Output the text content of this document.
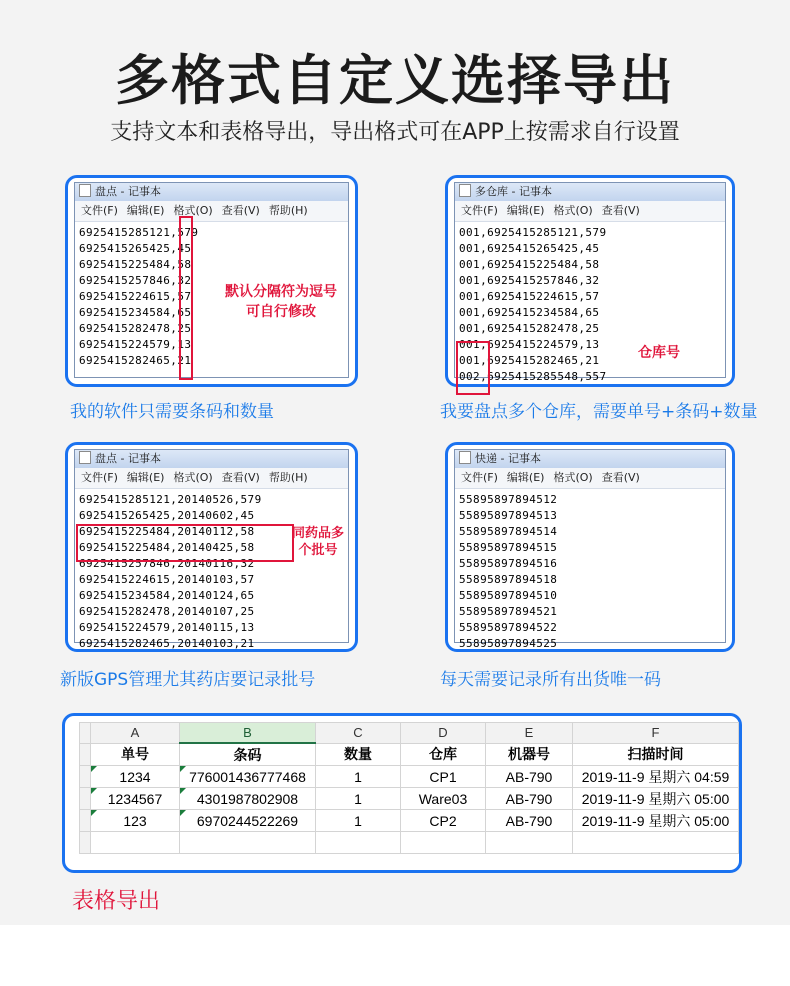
多格式自定义选择导出
支持文本和表格导出，导出格式可在APP上按需求自行设置
盘点 - 记事本
文件(F) 编辑(E) 格式(O) 查看(V) 帮助(H)
6925415285121,579
6925415265425,45
6925415225484,58
6925415257846,32
6925415224615,57
6925415234584,65
6925415282478,25
6925415224579,13
6925415282465,21
默认分隔符为逗号
可自行修改
我的软件只需要条码和数量
多仓库 - 记事本
文件(F) 编辑(E) 格式(O) 查看(V)
001,6925415285121,579
001,6925415265425,45
001,6925415225484,58
001,6925415257846,32
001,6925415224615,57
001,6925415234584,65
001,6925415282478,25
001,6925415224579,13
001,6925415282465,21
002,6925415285548,557
仓库号
我要盘点多个仓库，需要单号+条码+数量
盘点 - 记事本
文件(F) 编辑(E) 格式(O) 查看(V) 帮助(H)
6925415285121,20140526,579
6925415265425,20140602,45
6925415225484,20140112,58
6925415225484,20140425,58
6925415257846,20140116,32
6925415224615,20140103,57
6925415234584,20140124,65
6925415282478,20140107,25
6925415224579,20140115,13
6925415282465,20140103,21
同药品多
个批号
新版GPS管理尤其药店要记录批号
快递 - 记事本
文件(F) 编辑(E) 格式(O) 查看(V)
55895897894512
55895897894513
55895897894514
55895897894515
55895897894516
55895897894518
55895897894510
55895897894521
55895897894522
55895897894525
每天需要记录所有出货唯一码
	A	B	C	D	E	F
	单号	条码	数量	仓库	机器号	扫描时间
	1234	776001436777468	1	CP1	AB-790	2019-11-9 星期六 04:59
	1234567	4301987802908	1	Ware03	AB-790	2019-11-9 星期六 05:00
	123	6970244522269	1	CP2	AB-790	2019-11-9 星期六 05:00

表格导出
